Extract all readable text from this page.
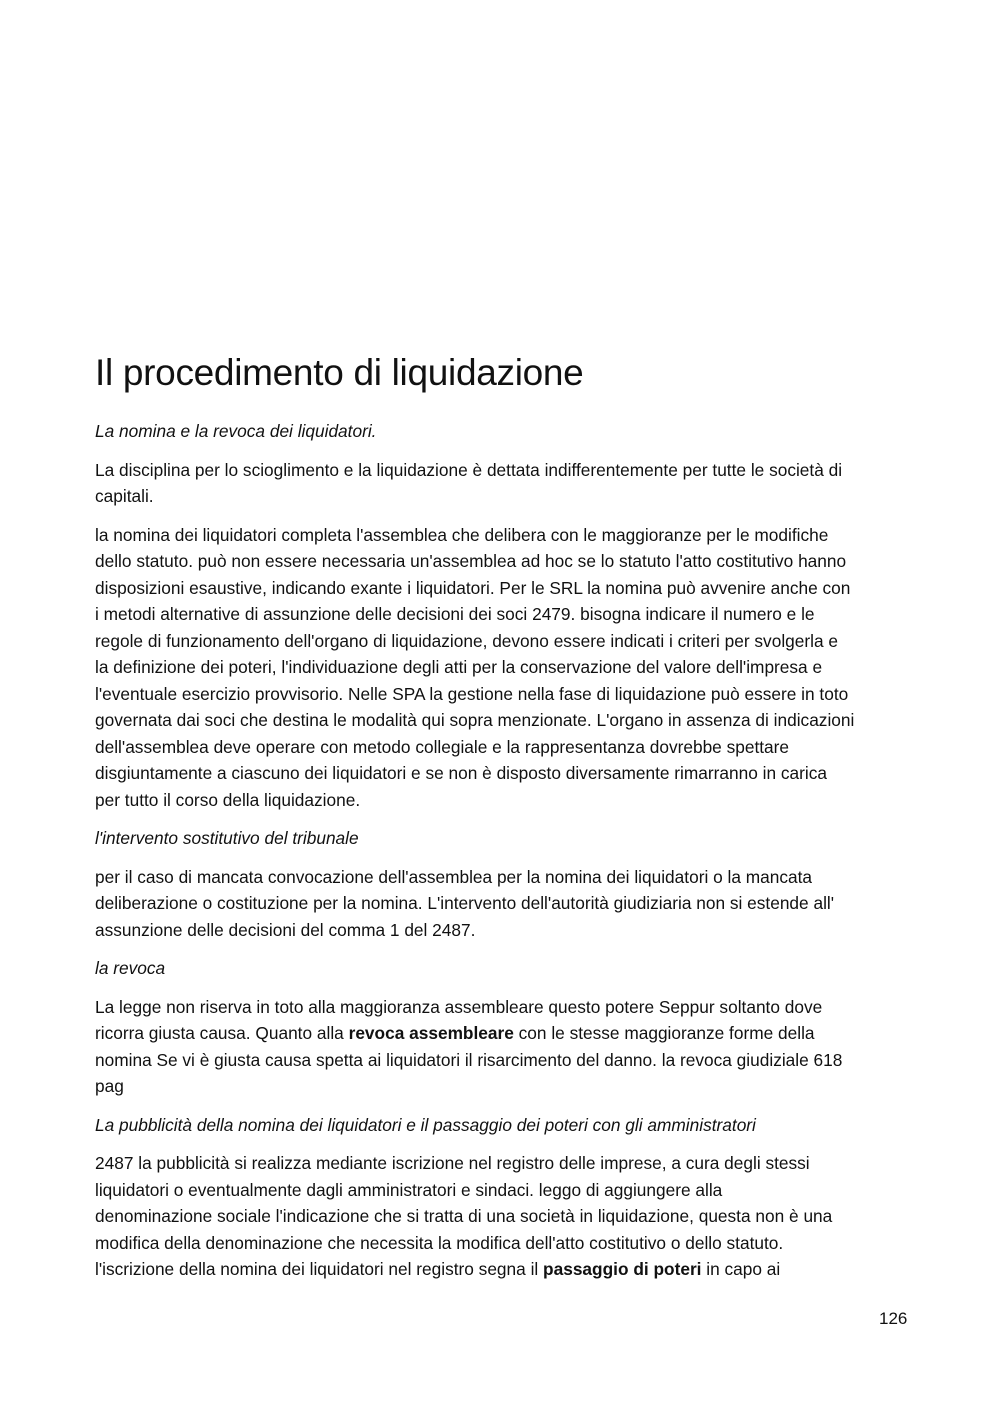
Il procedimento di liquidazione

La nomina e la revoca dei liquidatori.

La disciplina per lo scioglimento e la liquidazione è dettata indifferentemente per tutte le società di
capitali.

la nomina dei liquidatori completa l'assemblea che delibera con le maggioranze per le modifiche
dello statuto. può non essere necessaria un'assemblea ad hoc se lo statuto l'atto costitutivo hanno
disposizioni esaustive, indicando exante i liquidatori. Per le SRL la nomina può avvenire anche con
i metodi alternative di assunzione delle decisioni dei soci 2479. bisogna indicare il numero e le
regole di funzionamento dell'organo di liquidazione, devono essere indicati i criteri per svolgerla e
la definizione dei poteri, l'individuazione degli atti per la conservazione del valore dell'impresa e
l'eventuale esercizio provvisorio. Nelle SPA la gestione nella fase di liquidazione può essere in toto
governata dai soci che destina le modalità qui sopra menzionate. L'organo in assenza di indicazioni
dell'assemblea deve operare con metodo collegiale e la rappresentanza dovrebbe spettare
disgiuntamente a ciascuno dei liquidatori e se non è disposto diversamente rimarranno in carica
per tutto il corso della liquidazione.

l'intervento sostitutivo del tribunale

per il caso di mancata convocazione dell'assemblea per la nomina dei liquidatori o la mancata
deliberazione o costituzione per la nomina. L'intervento dell'autorità giudiziaria non si estende all'
assunzione delle decisioni del comma 1 del 2487.

la revoca

La legge non riserva in toto alla maggioranza assembleare questo potere Seppur soltanto dove
ricorra giusta causa. Quanto alla revoca assembleare con le stesse maggioranze forme della
nomina Se vi è giusta causa spetta ai liquidatori il risarcimento del danno. la revoca giudiziale 618
pag

La pubblicità della nomina dei liquidatori e il passaggio dei poteri con gli amministratori

2487 la pubblicità si realizza mediante iscrizione nel registro delle imprese, a cura degli stessi
liquidatori o eventualmente dagli amministratori e sindaci. leggo di aggiungere alla
denominazione sociale l'indicazione che si tratta di una società in liquidazione, questa non è una
modifica della denominazione che necessita la modifica dell'atto costitutivo o dello statuto.
l'iscrizione della nomina dei liquidatori nel registro segna il passaggio di poteri in capo ai

126
